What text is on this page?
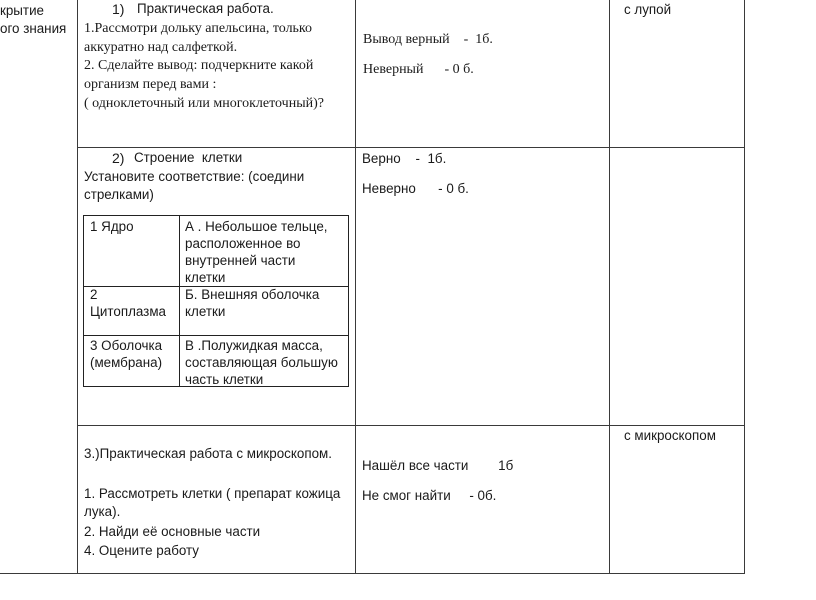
крытие
ого знания
1) Практическая работа.
1.Рассмотри дольку апельсина, только
аккуратно над салфеткой.
2. Сделайте вывод: подчеркните какой
организм перед вами :
( одноклеточный или многоклеточный)?
Вывод верный    -  1б.
Неверный      - 0 б.
с лупой
2) Строение  клетки
Установите соответствие: (соедини
стрелками)
Верно    -  1б.
Неверно      - 0 б.
1 Ядро	А . Небольшое тельце,
расположенное во
внутренней части
клетки
2
Цитоплазма
Б. Внешняя оболочка
клетки
3 Оболочка
(мембрана)
В .Полужидкая масса,
составляющая большую
часть клетки
3.)Практическая работа с микроскопом.
1. Рассмотреть клетки ( препарат кожица
лука).
2. Найди её основные части
4. Оцените работу
Нашёл все части        1б
Не смог найти     - 0б.
с микроскопом
